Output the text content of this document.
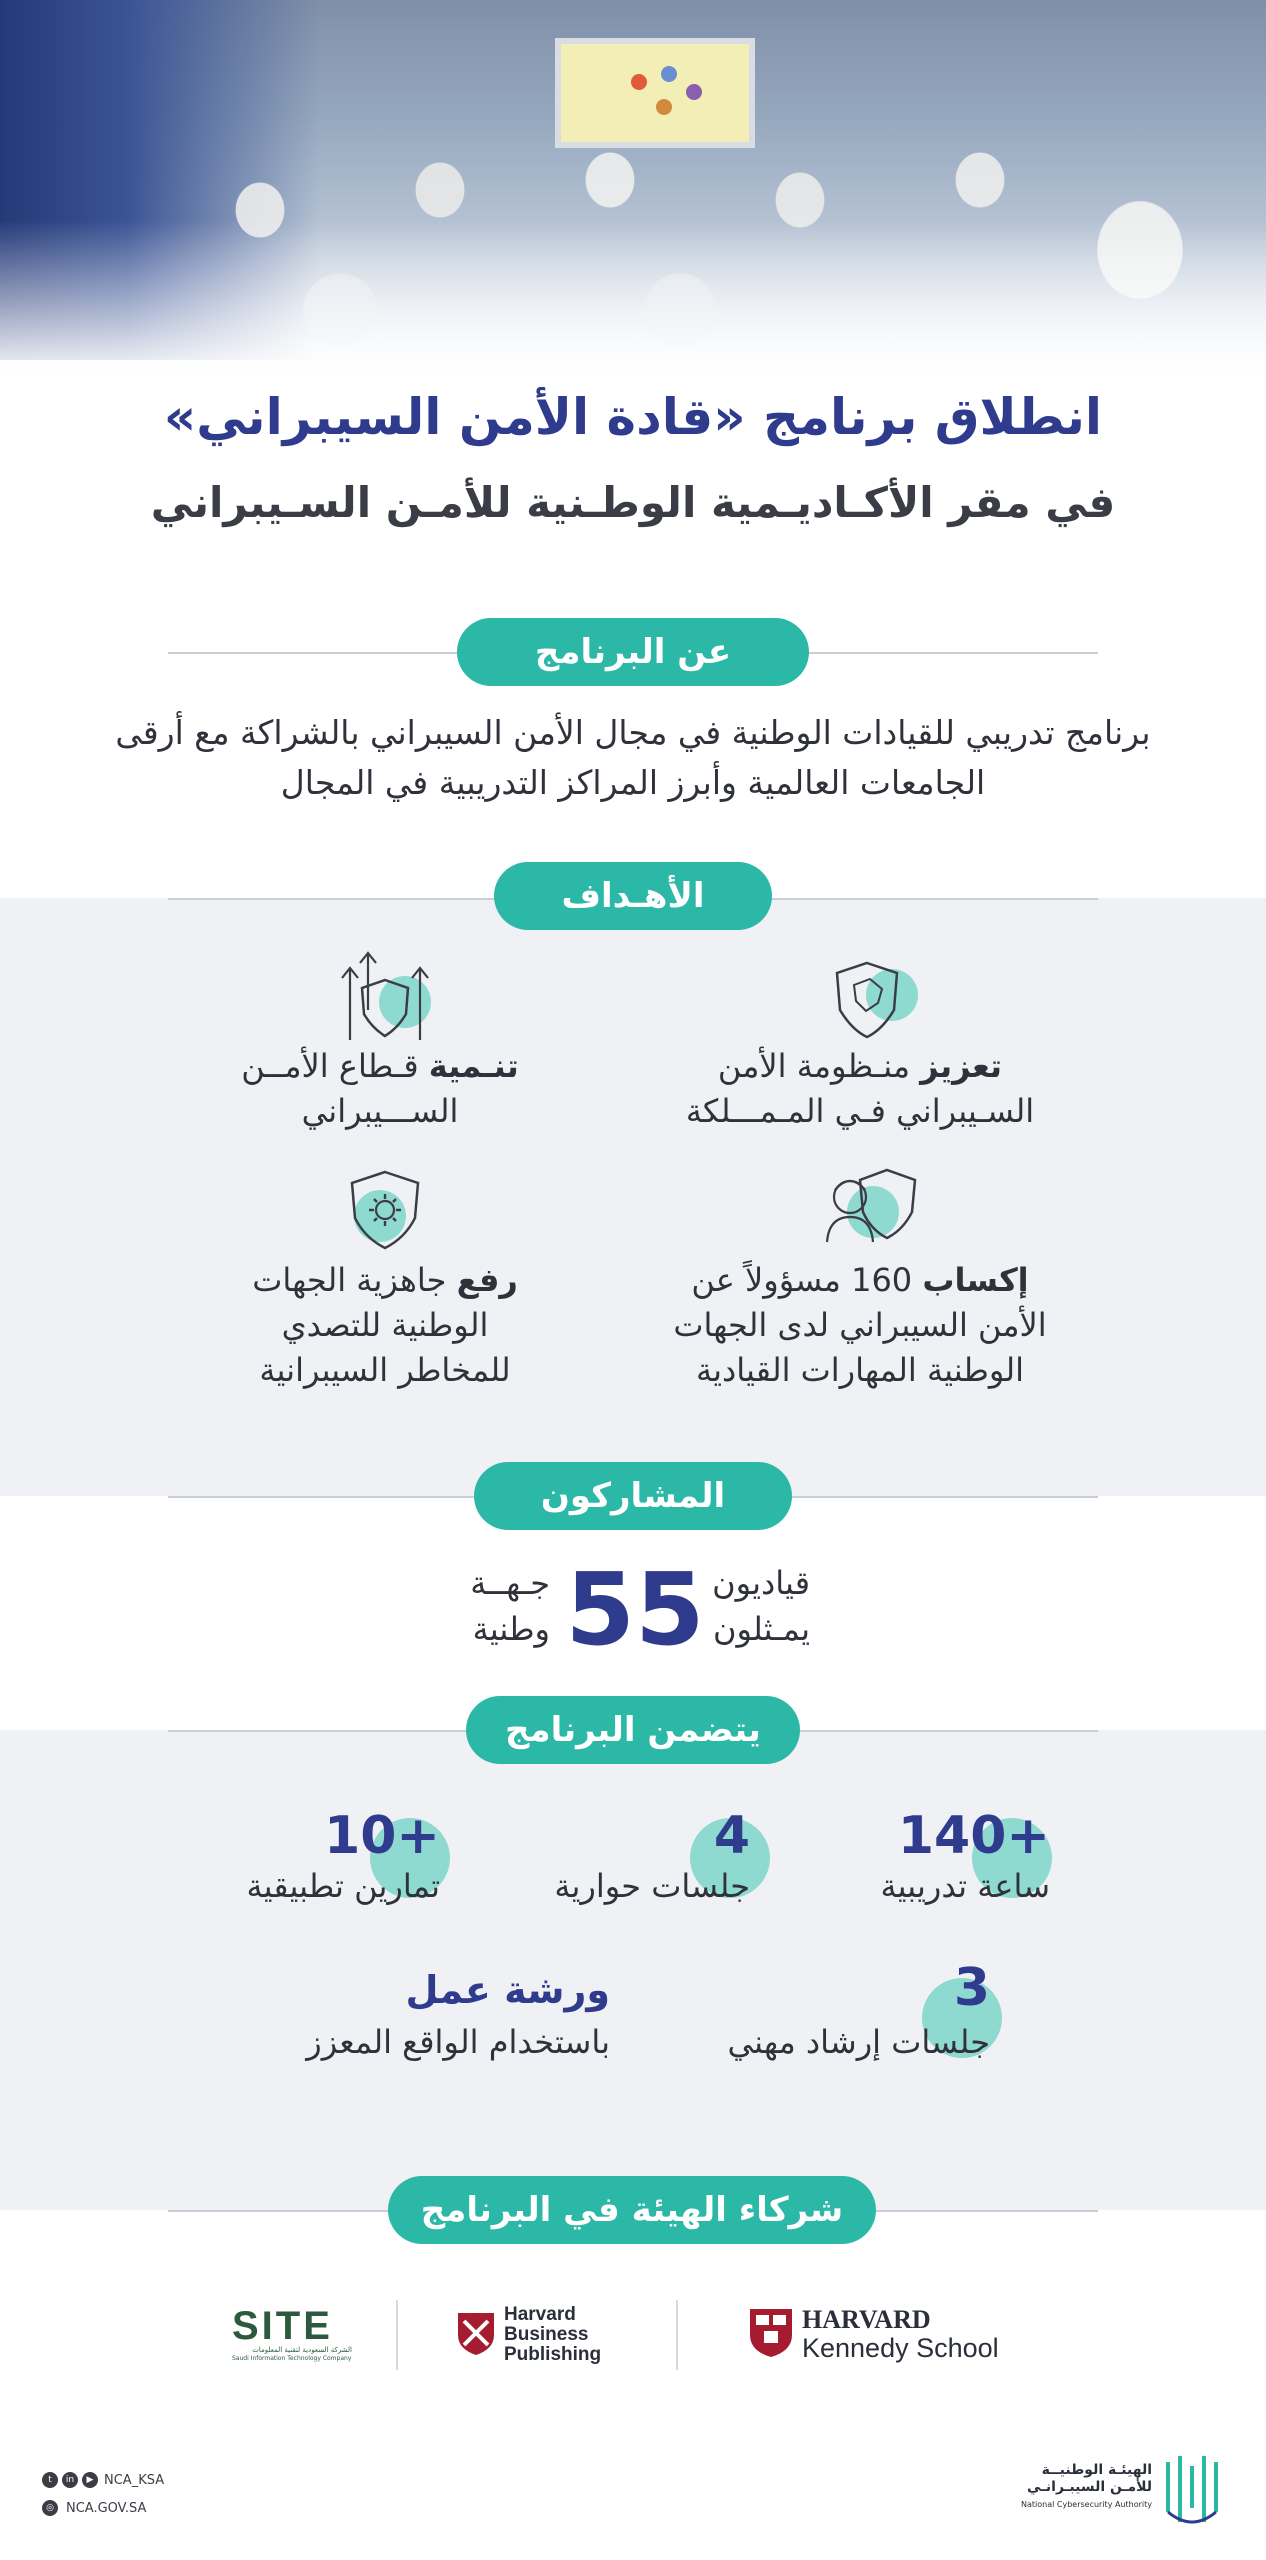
انطلاق برنامج «قادة الأمن السيبراني»
في مقر الأكـاديـمية الوطـنية للأمـن السـيبراني
عن البرنامج
برنامج تدريبي للقيادات الوطنية في مجال الأمن السيبراني بالشراكة مع أرقى
الجامعات العالمية وأبرز المراكز التدريبية في المجال
الأهـداف
تعزيز منـظومة الأمن
السـيبراني فـي المـمـــلكة
تنـمية قـطاع الأمــن
الســـيبراني
إكساب 160 مسؤولاً عن
الأمن السيبراني لدى الجهات
الوطنية المهارات القيادية
رفع جاهزية الجهات
الوطنية للتصدي
للمخاطر السيبرانية
المشاركون
قياديون
يمـثلون
55
جـهــة
وطنية
يتضمن البرنامج
140+
ساعة تدريبية
4
جلسات حوارية
10+
تمارين تطبيقية
3
جلسات إرشاد مهني
ورشة عمل
باستخدام الواقع المعزز
شركاء الهيئة في البرنامج
HARVARD
Kennedy School
Harvard
Business
Publishing
SITE
الشركة السعودية لتقنية المعلومات
Saudi Information Technology Company
t	in	▶ NCA_KSA
◎ NCA.GOV.SA
الهيئـة الوطنيــة
للأمـن السيبـرانـي
National Cybersecurity Authority
